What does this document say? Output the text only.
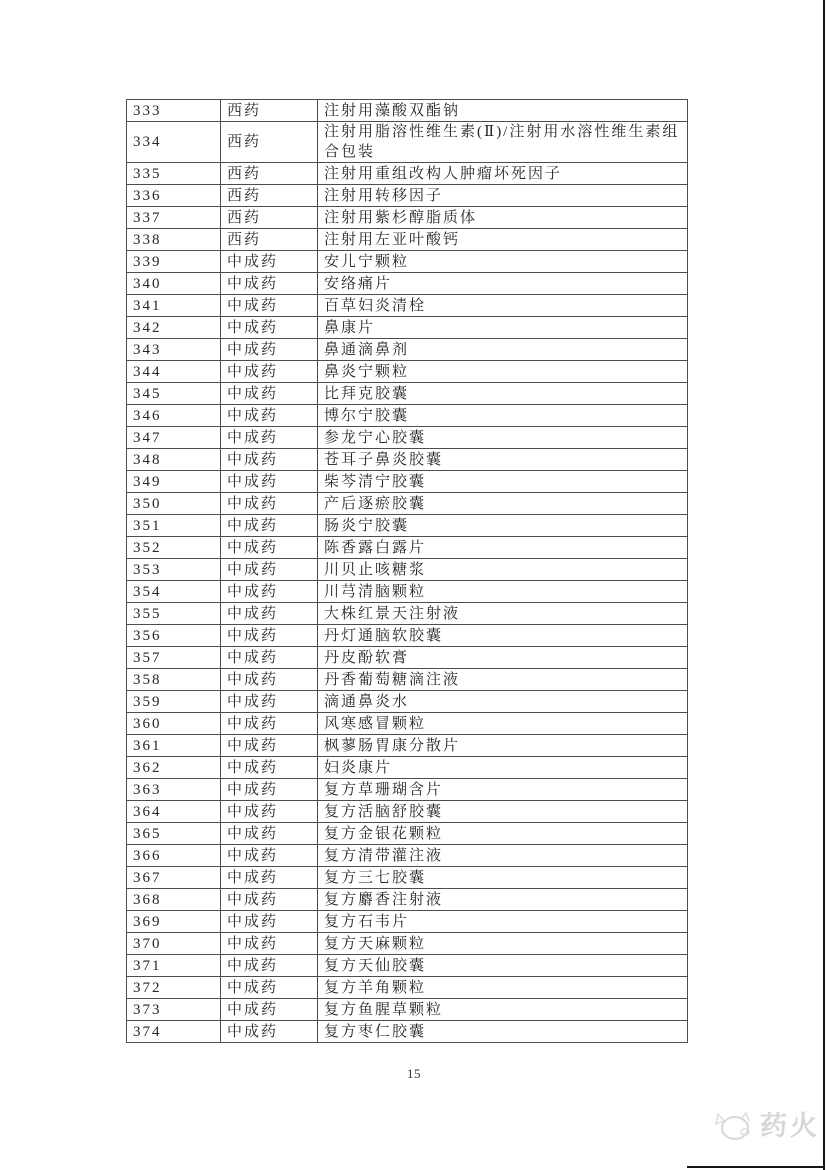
333	西药	注射用藻酸双酯钠
334	西药	注射用脂溶性维生素(Ⅱ)/注射用水溶性维生素组合包装
335	西药	注射用重组改构人肿瘤坏死因子
336	西药	注射用转移因子
337	西药	注射用紫杉醇脂质体
338	西药	注射用左亚叶酸钙
339	中成药	安儿宁颗粒
340	中成药	安络痛片
341	中成药	百草妇炎清栓
342	中成药	鼻康片
343	中成药	鼻通滴鼻剂
344	中成药	鼻炎宁颗粒
345	中成药	比拜克胶囊
346	中成药	博尔宁胶囊
347	中成药	参龙宁心胶囊
348	中成药	苍耳子鼻炎胶囊
349	中成药	柴芩清宁胶囊
350	中成药	产后逐瘀胶囊
351	中成药	肠炎宁胶囊
352	中成药	陈香露白露片
353	中成药	川贝止咳糖浆
354	中成药	川芎清脑颗粒
355	中成药	大株红景天注射液
356	中成药	丹灯通脑软胶囊
357	中成药	丹皮酚软膏
358	中成药	丹香葡萄糖滴注液
359	中成药	滴通鼻炎水
360	中成药	风寒感冒颗粒
361	中成药	枫蓼肠胃康分散片
362	中成药	妇炎康片
363	中成药	复方草珊瑚含片
364	中成药	复方活脑舒胶囊
365	中成药	复方金银花颗粒
366	中成药	复方清带灌注液
367	中成药	复方三七胶囊
368	中成药	复方麝香注射液
369	中成药	复方石韦片
370	中成药	复方天麻颗粒
371	中成药	复方天仙胶囊
372	中成药	复方羊角颗粒
373	中成药	复方鱼腥草颗粒
374	中成药	复方枣仁胶囊
15
药火
